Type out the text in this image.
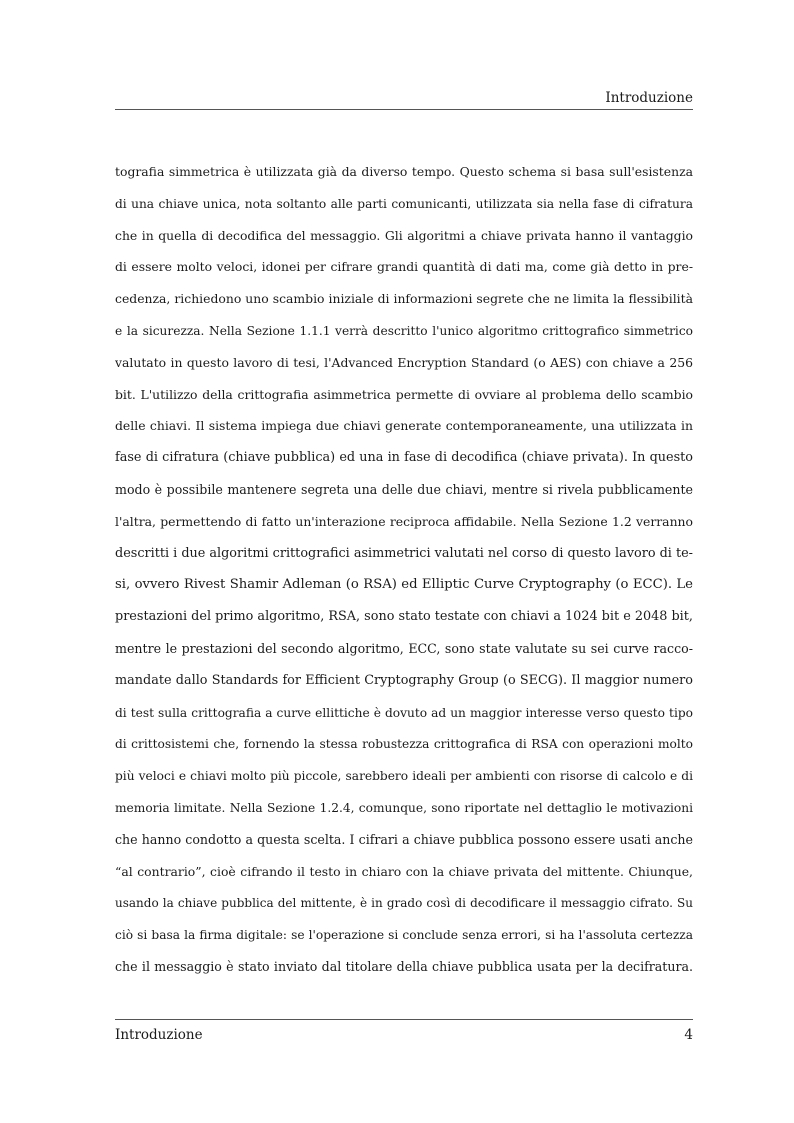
Introduzione
tografia simmetrica è utilizzata già da diverso tempo. Questo schema si basa sull'esistenza
di una chiave unica, nota soltanto alle parti comunicanti, utilizzata sia nella fase di cifratura
che in quella di decodifica del messaggio. Gli algoritmi a chiave privata hanno il vantaggio
di essere molto veloci, idonei per cifrare grandi quantità di dati ma, come già detto in pre-
cedenza, richiedono uno scambio iniziale di informazioni segrete che ne limita la flessibilità
e la sicurezza. Nella Sezione 1.1.1 verrà descritto l'unico algoritmo crittografico simmetrico
valutato in questo lavoro di tesi, l'Advanced Encryption Standard (o AES) con chiave a 256
bit. L'utilizzo della crittografia asimmetrica permette di ovviare al problema dello scambio
delle chiavi. Il sistema impiega due chiavi generate contemporaneamente, una utilizzata in
fase di cifratura (chiave pubblica) ed una in fase di decodifica (chiave privata). In questo
modo è possibile mantenere segreta una delle due chiavi, mentre si rivela pubblicamente
l'altra, permettendo di fatto un'interazione reciproca affidabile. Nella Sezione 1.2 verranno
descritti i due algoritmi crittografici asimmetrici valutati nel corso di questo lavoro di te-
si, ovvero Rivest Shamir Adleman (o RSA) ed Elliptic Curve Cryptography (o ECC). Le
prestazioni del primo algoritmo, RSA, sono stato testate con chiavi a 1024 bit e 2048 bit,
mentre le prestazioni del secondo algoritmo, ECC, sono state valutate su sei curve racco-
mandate dallo Standards for Efficient Cryptography Group (o SECG). Il maggior numero
di test sulla crittografia a curve ellittiche è dovuto ad un maggior interesse verso questo tipo
di crittosistemi che, fornendo la stessa robustezza crittografica di RSA con operazioni molto
più veloci e chiavi molto più piccole, sarebbero ideali per ambienti con risorse di calcolo e di
memoria limitate. Nella Sezione 1.2.4, comunque, sono riportate nel dettaglio le motivazioni
che hanno condotto a questa scelta. I cifrari a chiave pubblica possono essere usati anche
“al contrario”, cioè cifrando il testo in chiaro con la chiave privata del mittente. Chiunque,
usando la chiave pubblica del mittente, è in grado così di decodificare il messaggio cifrato. Su
ciò si basa la firma digitale: se l'operazione si conclude senza errori, si ha l'assoluta certezza
che il messaggio è stato inviato dal titolare della chiave pubblica usata per la decifratura.
Introduzione	4
